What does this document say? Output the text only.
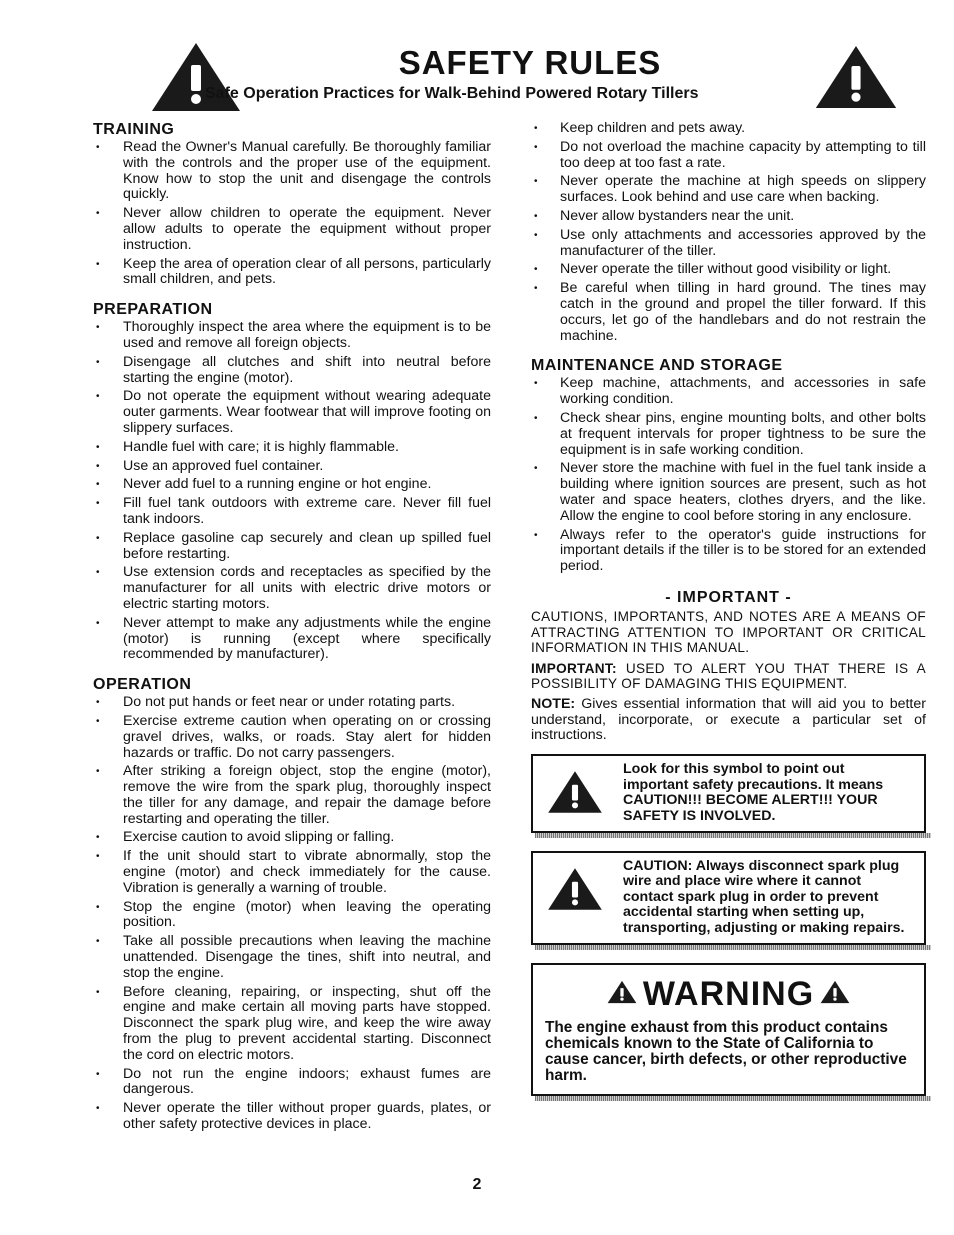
SAFETY RULES
Safe Operation Practices for Walk-Behind Powered Rotary Tillers
TRAINING
• Read the Owner's Manual carefully. Be thoroughly familiar with the controls and the proper use of the equipment. Know how to stop the unit and disengage the controls quickly.
• Never allow children to operate the equipment. Never allow adults to operate the equipment without proper instruction.
• Keep the area of operation clear of all persons, particularly small children, and pets.
PREPARATION
• Thoroughly inspect the area where the equipment is to be used and remove all foreign objects.
• Disengage all clutches and shift into neutral before starting the engine (motor).
• Do not operate the equipment without wearing adequate outer garments. Wear footwear that will improve footing on slippery surfaces.
• Handle fuel with care; it is highly flammable.
• Use an approved fuel container.
• Never add fuel to a running engine or hot engine.
• Fill fuel tank outdoors with extreme care. Never fill fuel tank indoors.
• Replace gasoline cap securely and clean up spilled fuel before restarting.
• Use extension cords and receptacles as specified by the manufacturer for all units with electric drive motors or electric starting motors.
• Never attempt to make any adjustments while the engine (motor) is running (except where specifically recommended by manufacturer).
OPERATION
• Do not put hands or feet near or under rotating parts.
• Exercise extreme caution when operating on or crossing gravel drives, walks, or roads. Stay alert for hidden hazards or traffic. Do not carry passengers.
• After striking a foreign object, stop the engine (motor), remove the wire from the spark plug, thoroughly inspect the tiller for any damage, and repair the damage before restarting and operating the tiller.
• Exercise caution to avoid slipping or falling.
• If the unit should start to vibrate abnormally, stop the engine (motor) and check immediately for the cause. Vibration is generally a warning of trouble.
• Stop the engine (motor) when leaving the operating position.
• Take all possible precautions when leaving the machine unattended. Disengage the tines, shift into neutral, and stop the engine.
• Before cleaning, repairing, or inspecting, shut off the engine and make certain all moving parts have stopped. Disconnect the spark plug wire, and keep the wire away from the plug to prevent accidental starting. Disconnect the cord on electric motors.
• Do not run the engine indoors; exhaust fumes are dangerous.
• Never operate the tiller without proper guards, plates, or other safety protective devices in place.
• Keep children and pets away.
• Do not overload the machine capacity by attempting to till too deep at too fast a rate.
• Never operate the machine at high speeds on slippery surfaces. Look behind and use care when backing.
• Never allow bystanders near the unit.
• Use only attachments and accessories approved by the manufacturer of the tiller.
• Never operate the tiller without good visibility or light.
• Be careful when tilling in hard ground. The tines may catch in the ground and propel the tiller forward. If this occurs, let go of the handlebars and do not restrain the machine.
MAINTENANCE AND STORAGE
• Keep machine, attachments, and accessories in safe working condition.
• Check shear pins, engine mounting bolts, and other bolts at frequent intervals for proper tightness to be sure the equipment is in safe working condition.
• Never store the machine with fuel in the fuel tank inside a building where ignition sources are present, such as hot water and space heaters, clothes dryers, and the like. Allow the engine to cool before storing in any enclosure.
• Always refer to the operator's guide instructions for important details if the tiller is to be stored for an extended period.
- IMPORTANT -

CAUTIONS, IMPORTANTS, AND NOTES ARE A MEANS OF ATTRACTING ATTENTION TO IMPORTANT OR CRITICAL INFORMATION IN THIS MANUAL.

IMPORTANT: USED TO ALERT YOU THAT THERE IS A POSSIBILITY OF DAMAGING THIS EQUIPMENT.

NOTE: Gives essential information that will aid you to better understand, incorporate, or execute a particular set of instructions.

Look for this symbol to point out important safety precautions. It means CAUTION!!! BECOME ALERT!!! YOUR SAFETY IS INVOLVED.
CAUTION: Always disconnect spark plug wire and place wire where it cannot contact spark plug in order to prevent accidental starting when setting up, transporting, adjusting or making repairs.
WARNING
The engine exhaust from this product contains chemicals known to the State of California to cause cancer, birth defects, or other reproductive harm.
2
